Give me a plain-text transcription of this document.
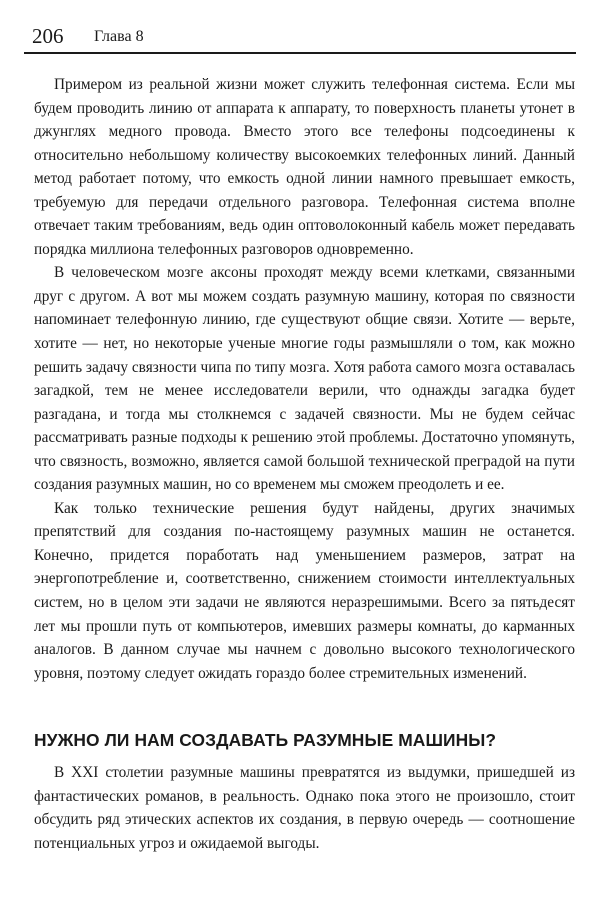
206 Глава 8

Примером из реальной жизни может служить телефонная система. Если мы будем проводить линию от аппарата к аппарату, то поверхность планеты утонет в джунглях медного провода. Вместо этого все телефоны подсоединены к относительно небольшому количеству высокоемких телефонных линий. Данный метод работает потому, что емкость одной линии намного превышает емкость, требуемую для передачи отдельного разговора. Телефонная система вполне отвечает таким требованиям, ведь один оптоволоконный кабель может передавать порядка миллиона телефонных разговоров одновременно.

В человеческом мозге аксоны проходят между всеми клетками, связанными друг с другом. А вот мы можем создать разумную машину, которая по связности напоминает телефонную линию, где существуют общие связи. Хотите — верьте, хотите — нет, но некоторые ученые многие годы размышляли о том, как можно решить задачу связности чипа по типу мозга. Хотя работа самого мозга оставалась загадкой, тем не менее исследователи верили, что однажды загадка будет разгадана, и тогда мы столкнемся с задачей связности. Мы не будем сейчас рассматривать разные подходы к решению этой проблемы. Достаточно упомянуть, что связность, возможно, является самой большой технической преградой на пути создания разумных машин, но со временем мы сможем преодолеть и ее.

Как только технические решения будут найдены, других значимых препятствий для создания по-настоящему разумных машин не останется. Конечно, придется поработать над уменьшением размеров, затрат на энергопотребление и, соответственно, снижением стоимости интеллектуальных систем, но в целом эти задачи не являются неразрешимыми. Всего за пятьдесят лет мы прошли путь от компьютеров, имевших размеры комнаты, до карманных аналогов. В данном случае мы начнем с довольно высокого технологического уровня, поэтому следует ожидать гораздо более стремительных изменений.

НУЖНО ЛИ НАМ СОЗДАВАТЬ РАЗУМНЫЕ МАШИНЫ?

В XXI столетии разумные машины превратятся из выдумки, пришедшей из фантастических романов, в реальность. Однако пока этого не произошло, стоит обсудить ряд этических аспектов их создания, в первую очередь — соотношение потенциальных угроз и ожидаемой выгоды.
